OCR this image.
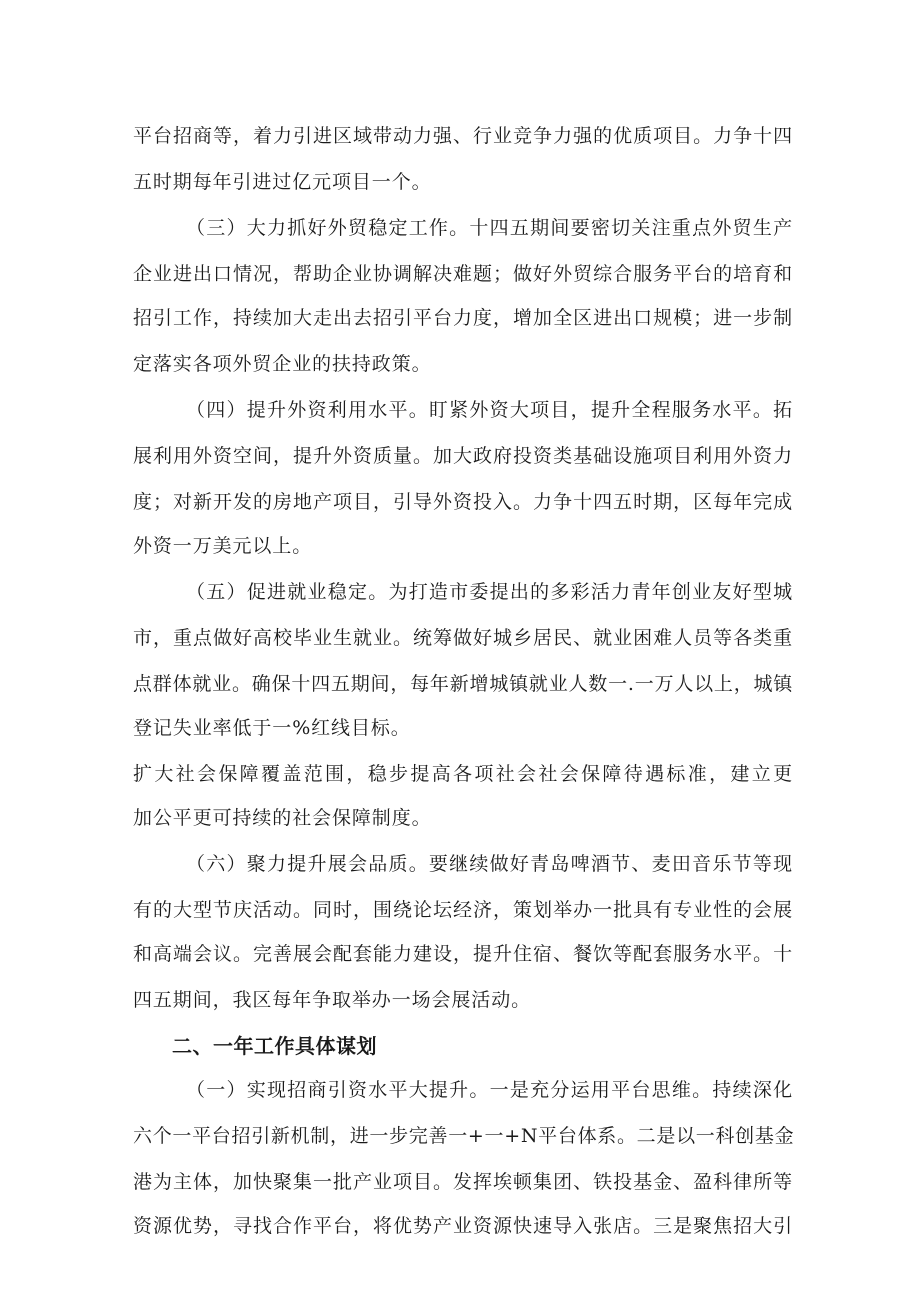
平台招商等，着力引进区域带动力强、行业竞争力强的优质项目。力争十四
五时期每年引进过亿元项目一个。
（三）大力抓好外贸稳定工作。十四五期间要密切关注重点外贸生产
企业进出口情况，帮助企业协调解决难题；做好外贸综合服务平台的培育和
招引工作，持续加大走出去招引平台力度，增加全区进出口规模；进一步制
定落实各项外贸企业的扶持政策。
（四）提升外资利用水平。盯紧外资大项目，提升全程服务水平。拓
展利用外资空间，提升外资质量。加大政府投资类基础设施项目利用外资力
度；对新开发的房地产项目，引导外资投入。力争十四五时期，区每年完成
外资一万美元以上。
（五）促进就业稳定。为打造市委提出的多彩活力青年创业友好型城
市，重点做好高校毕业生就业。统筹做好城乡居民、就业困难人员等各类重
点群体就业。确保十四五期间，每年新增城镇就业人数一.一万人以上，城镇
登记失业率低于一%红线目标。
扩大社会保障覆盖范围，稳步提高各项社会社会保障待遇标准，建立更
加公平更可持续的社会保障制度。
（六）聚力提升展会品质。要继续做好青岛啤酒节、麦田音乐节等现
有的大型节庆活动。同时，围绕论坛经济，策划举办一批具有专业性的会展
和高端会议。完善展会配套能力建设，提升住宿、餐饮等配套服务水平。十
四五期间，我区每年争取举办一场会展活动。
二、一年工作具体谋划
（一）实现招商引资水平大提升。一是充分运用平台思维。持续深化
六个一平台招引新机制，进一步完善一+一+N平台体系。二是以一科创基金
港为主体，加快聚集一批产业项目。发挥埃顿集团、铁投基金、盈科律所等
资源优势，寻找合作平台，将优势产业资源快速导入张店。三是聚焦招大引
